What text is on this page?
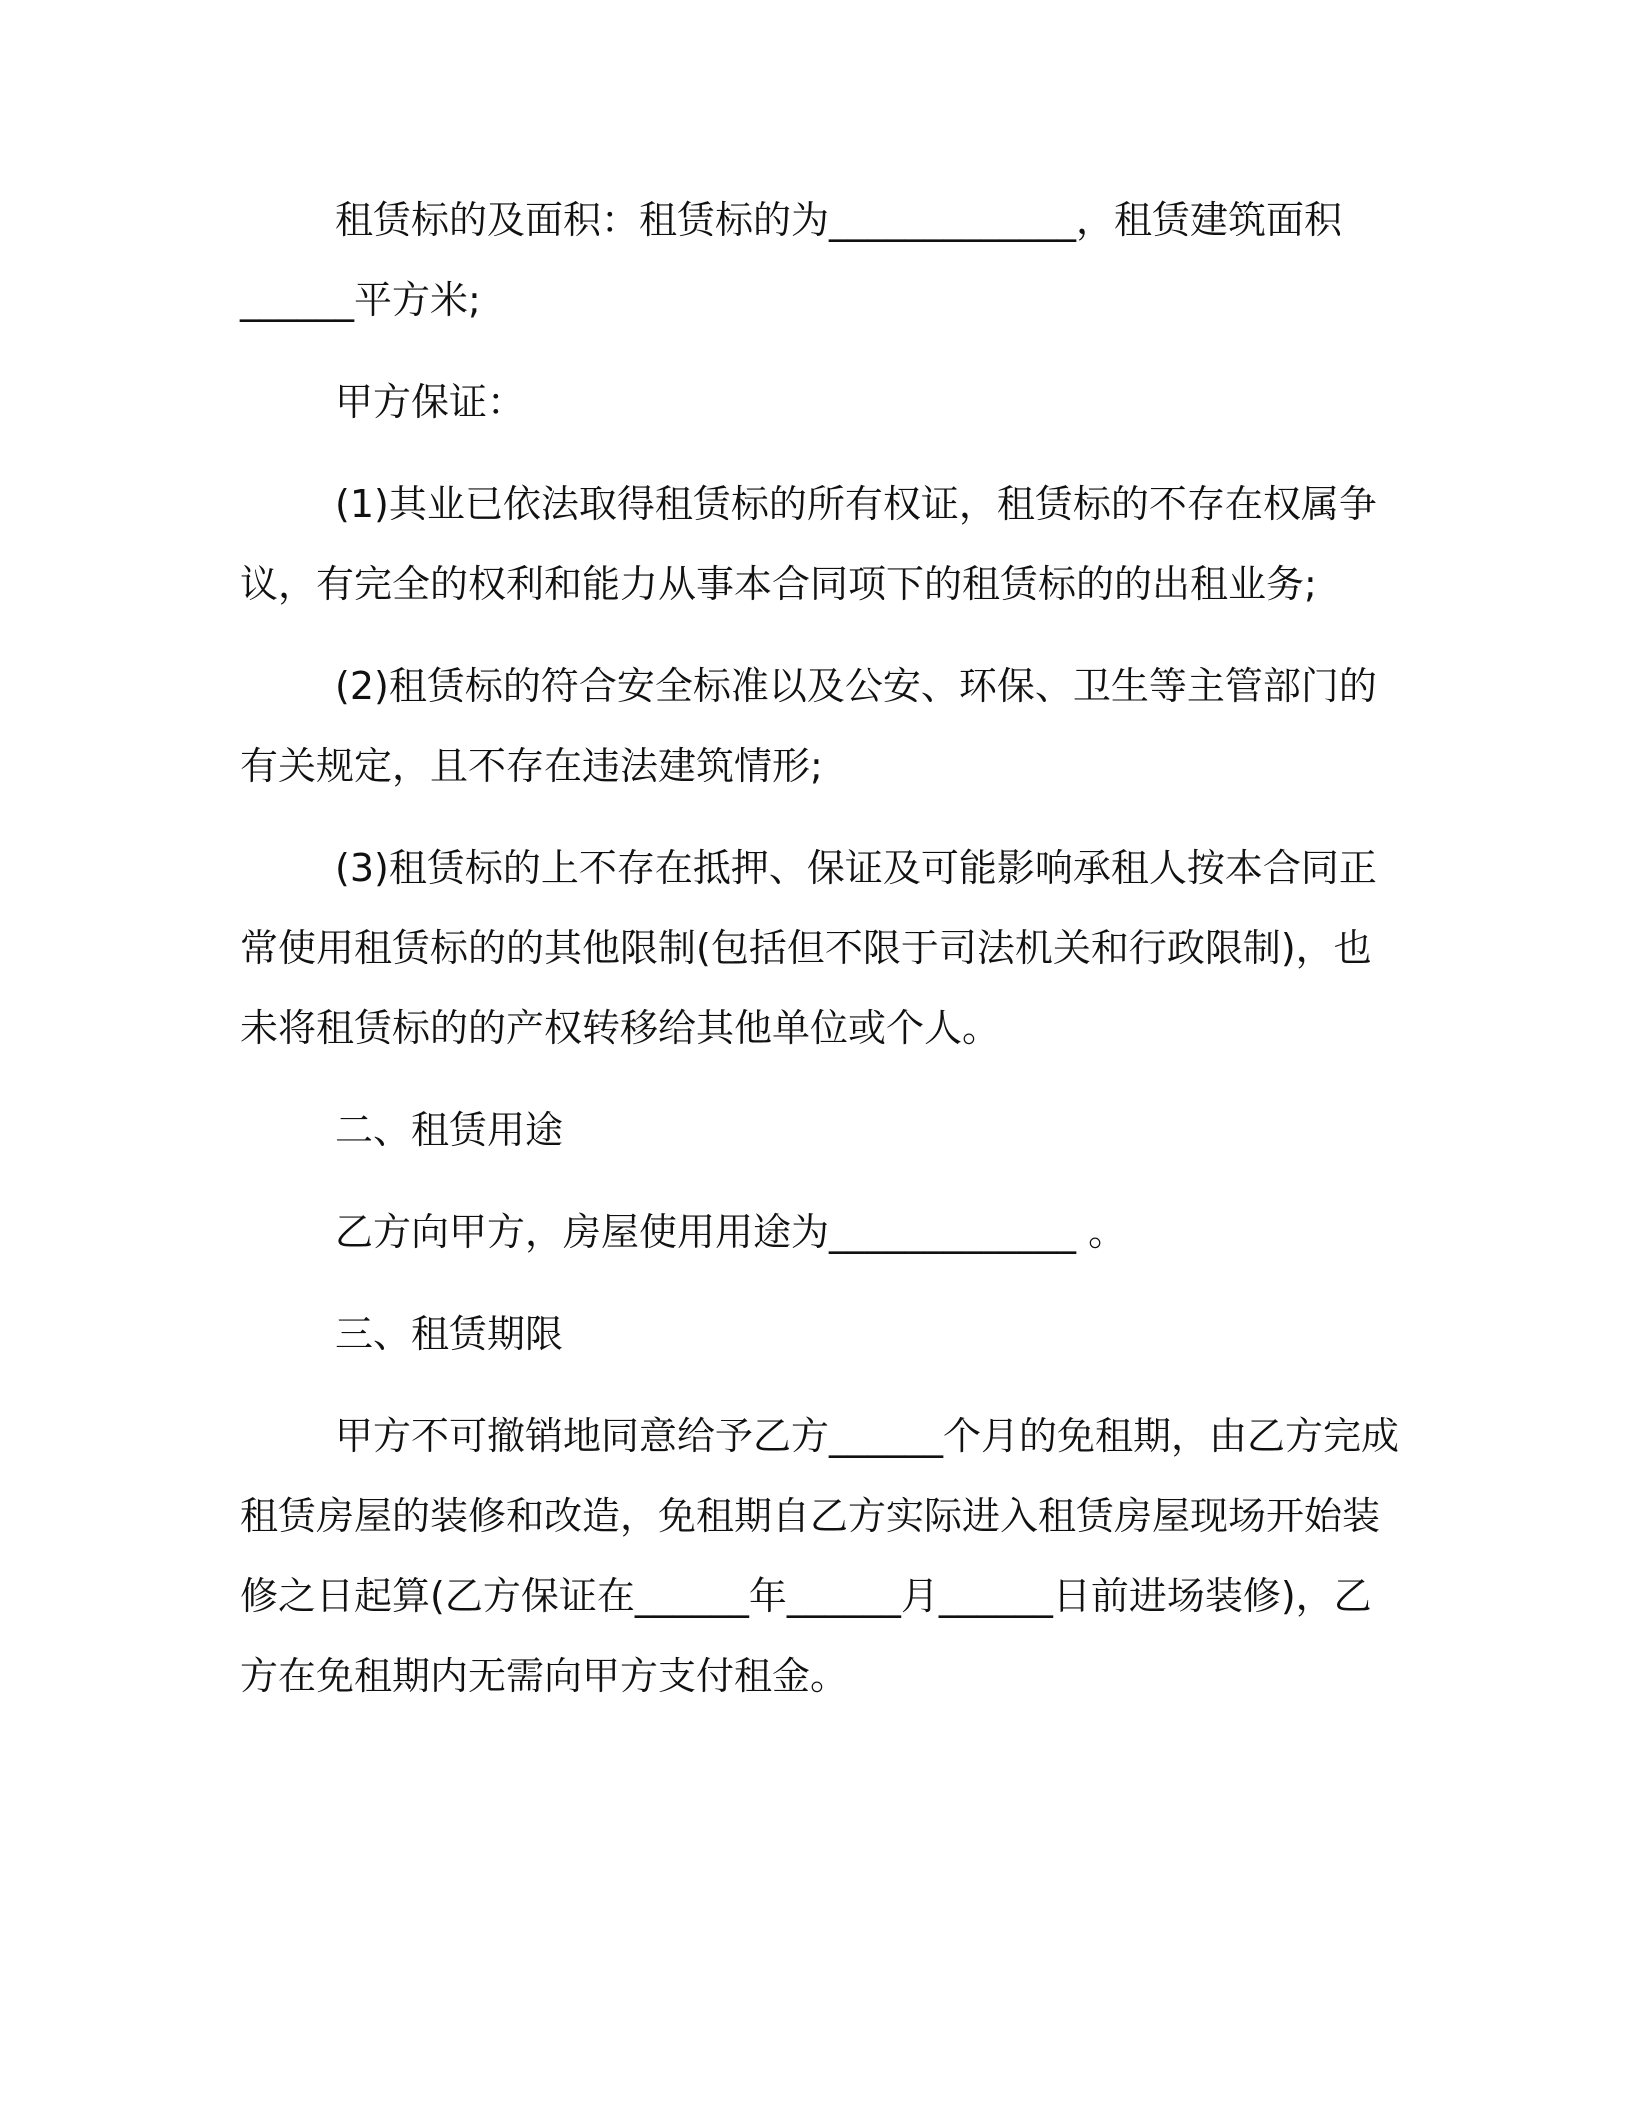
租赁标的及面积：租赁标的为_____________，租赁建筑面积______平方米;

甲方保证：

(1)其业已依法取得租赁标的所有权证，租赁标的不存在权属争议，有完全的权利和能力从事本合同项下的租赁标的的出租业务;

(2)租赁标的符合安全标准以及公安、环保、卫生等主管部门的有关规定，且不存在违法建筑情形;

(3)租赁标的上不存在抵押、保证及可能影响承租人按本合同正常使用租赁标的的其他限制(包括但不限于司法机关和行政限制)，也未将租赁标的的产权转移给其他单位或个人。

二、租赁用途

乙方向甲方，房屋使用用途为_____________ 。

三、租赁期限

甲方不可撤销地同意给予乙方______个月的免租期，由乙方完成租赁房屋的装修和改造，免租期自乙方实际进入租赁房屋现场开始装修之日起算(乙方保证在______年______月______日前进场装修)，乙方在免租期内无需向甲方支付租金。
